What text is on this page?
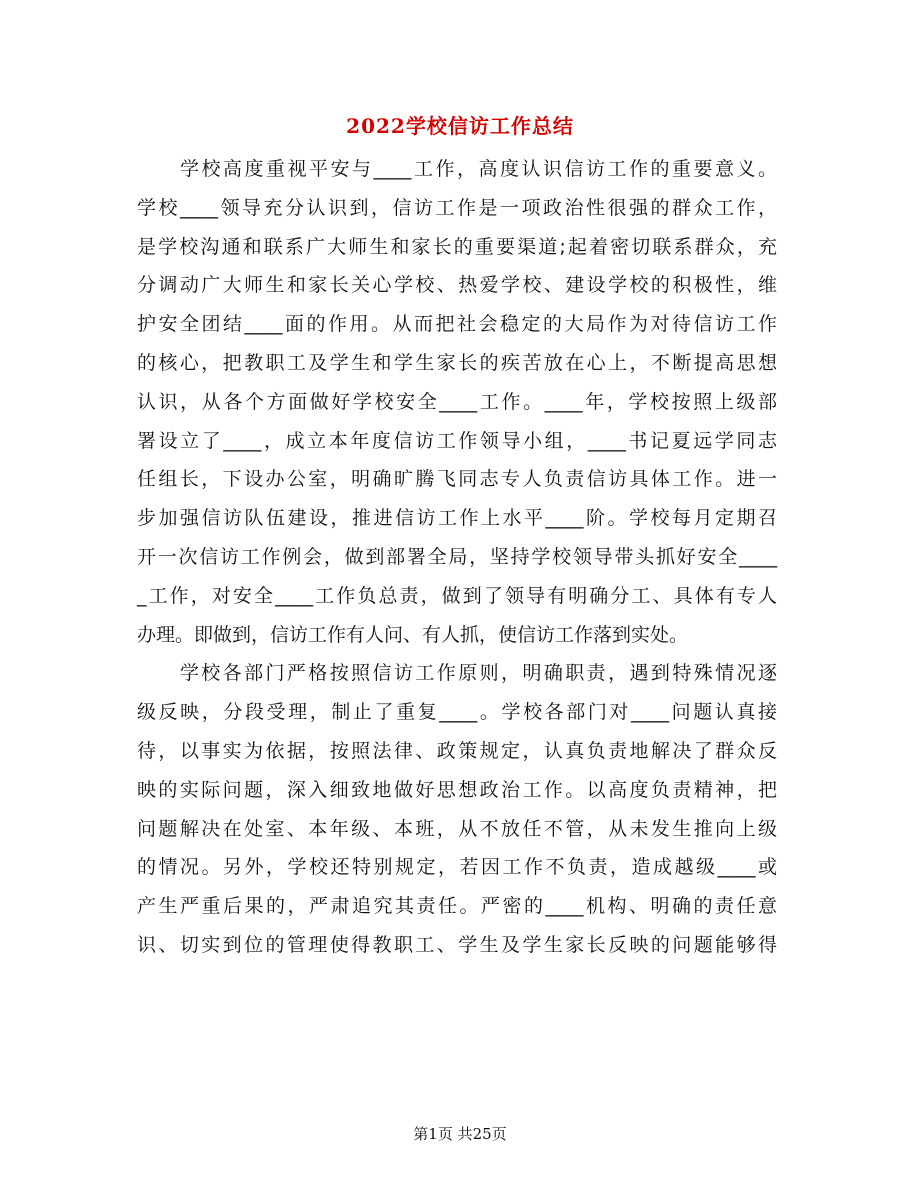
2022学校信访工作总结
　　学校高度重视平安与____工作，高度认识信访工作的重要意义。
学校____领导充分认识到，信访工作是一项政治性很强的群众工作，
是学校沟通和联系广大师生和家长的重要渠道;起着密切联系群众，充
分调动广大师生和家长关心学校、热爱学校、建设学校的积极性，维
护安全团结____面的作用。从而把社会稳定的大局作为对待信访工作
的核心，把教职工及学生和学生家长的疾苦放在心上，不断提高思想
认识，从各个方面做好学校安全____工作。____年，学校按照上级部
署设立了____，成立本年度信访工作领导小组，____书记夏远学同志
任组长，下设办公室，明确旷腾飞同志专人负责信访具体工作。进一
步加强信访队伍建设，推进信访工作上水平____阶。学校每月定期召
开一次信访工作例会，做到部署全局，坚持学校领导带头抓好安全____
_工作，对安全____工作负总责，做到了领导有明确分工、具体有专人
办理。即做到，信访工作有人问、有人抓，使信访工作落到实处。
　　学校各部门严格按照信访工作原则，明确职责，遇到特殊情况逐
级反映，分段受理，制止了重复____。学校各部门对____问题认真接
待，以事实为依据，按照法律、政策规定，认真负责地解决了群众反
映的实际问题，深入细致地做好思想政治工作。以高度负责精神，把
问题解决在处室、本年级、本班，从不放任不管，从未发生推向上级
的情况。另外，学校还特别规定，若因工作不负责，造成越级____或
产生严重后果的，严肃追究其责任。严密的____机构、明确的责任意
识、切实到位的管理使得教职工、学生及学生家长反映的问题能够得
第1页 共25页
